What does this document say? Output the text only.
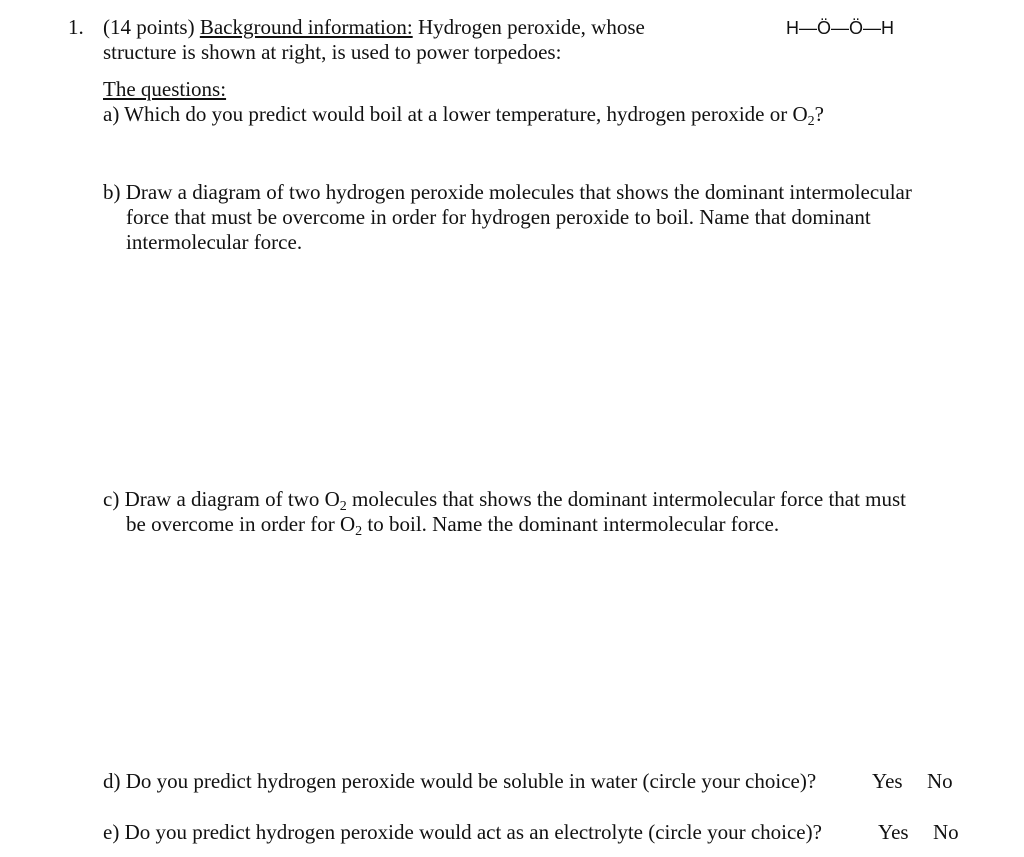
1. (14 points) Background information: Hydrogen peroxide, whose
structure is shown at right, is used to power torpedoes:
H—Ö—Ö—H
The questions:
a) Which do you predict would boil at a lower temperature, hydrogen peroxide or $O_2$?
b) Draw a diagram of two hydrogen peroxide molecules that shows the dominant intermolecular
force that must be overcome in order for hydrogen peroxide to boil. Name that dominant
intermolecular force.
c) Draw a diagram of two $O_2$ molecules that shows the dominant intermolecular force that must
be overcome in order for $O_2$ to boil. Name the dominant intermolecular force.
d) Do you predict hydrogen peroxide would be soluble in water (circle your choice)?	Yes No
e) Do you predict hydrogen peroxide would act as an electrolyte (circle your choice)?	Yes No
